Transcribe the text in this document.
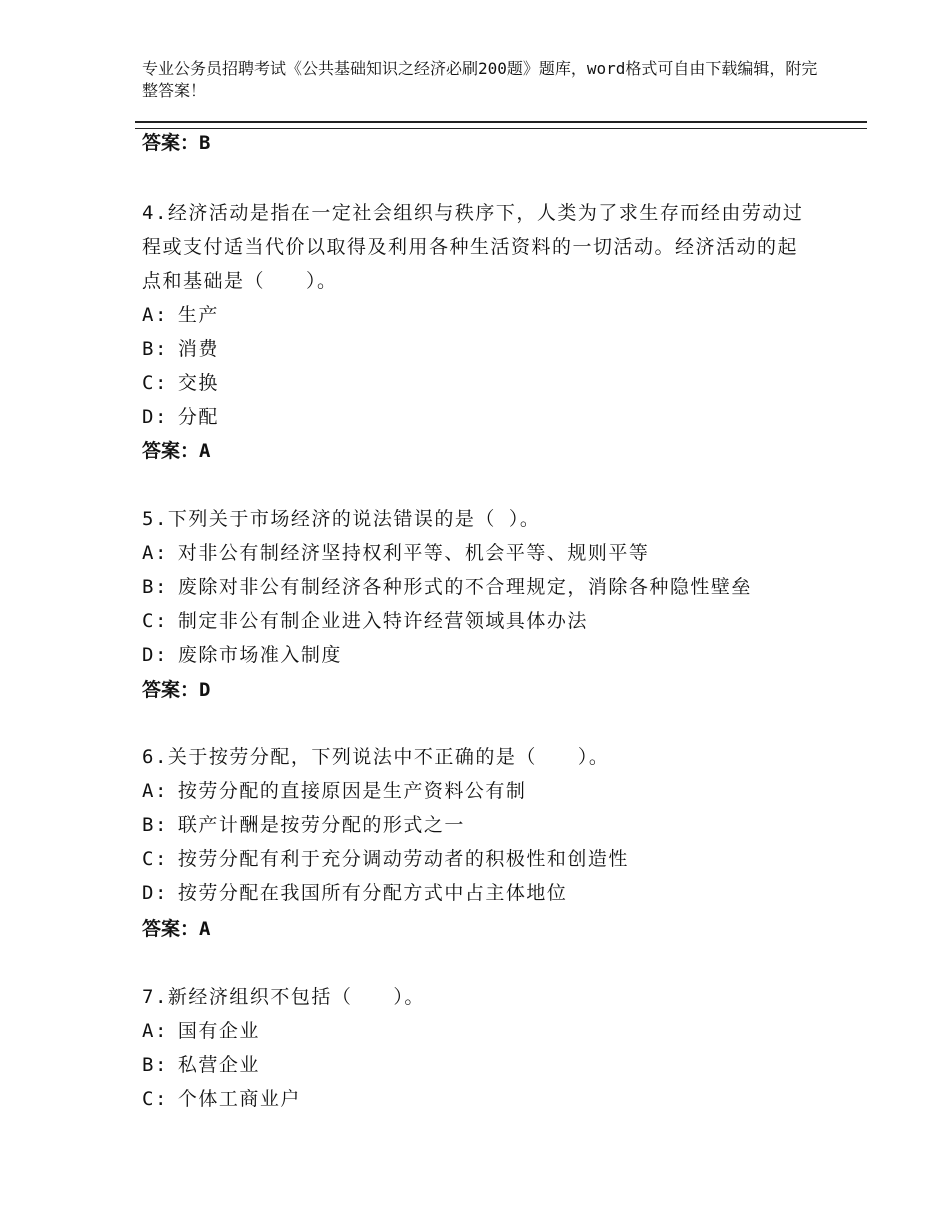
专业公务员招聘考试《公共基础知识之经济必刷200题》题库，word格式可自由下载编辑，附完整答案！

答案：B

4.经济活动是指在一定社会组织与秩序下，人类为了求生存而经由劳动过程或支付适当代价以取得及利用各种生活资料的一切活动。经济活动的起点和基础是（　　）。

A: 生产

B: 消费

C: 交换

D: 分配

答案：A

5.下列关于市场经济的说法错误的是（ ）。

A: 对非公有制经济坚持权利平等、机会平等、规则平等

B: 废除对非公有制经济各种形式的不合理规定，消除各种隐性壁垒

C: 制定非公有制企业进入特许经营领域具体办法

D: 废除市场准入制度

答案：D

6.关于按劳分配，下列说法中不正确的是（　　）。

A: 按劳分配的直接原因是生产资料公有制

B: 联产计酬是按劳分配的形式之一

C: 按劳分配有利于充分调动劳动者的积极性和创造性

D: 按劳分配在我国所有分配方式中占主体地位

答案：A

7.新经济组织不包括（　　）。

A: 国有企业

B: 私营企业

C: 个体工商业户
